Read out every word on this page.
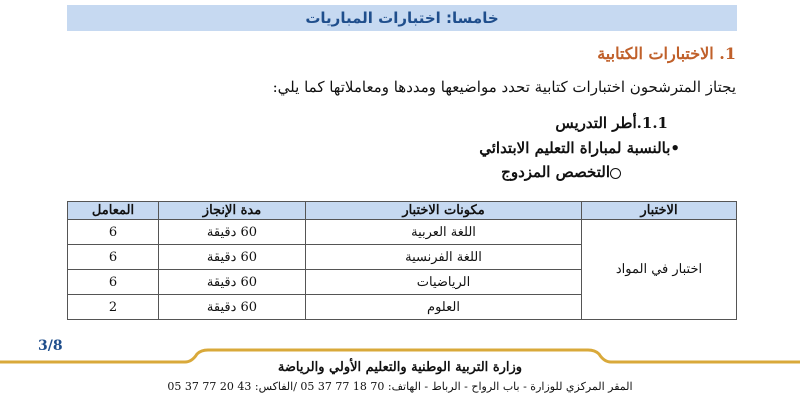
خامسا: اختبارات المباريات
1. الاختبارات الكتابية
يجتاز المترشحون اختبارات كتابية تحدد مواضيعها ومددها ومعاملاتها كما يلي:
1.1.أطر التدريس
•بالنسبة لمباراة التعليم الابتدائي
التخصص المزدوج
الاختبار	مكونات الاختبار	مدة الإنجاز	المعامل
اختبار في المواد	اللغة العربية	60 دقيقة	6
	اللغة الفرنسية	60 دقيقة	6
	الرياضيات	60 دقيقة	6
	العلوم	60 دقيقة	2
3/8
وزارة التربية الوطنية والتعليم الأولي والرياضة
المقر المركزي للوزارة - باب الرواح - الرباط - الهاتف: 70 18 77 37 05 /الفاكس: 43 20 77 37 05
